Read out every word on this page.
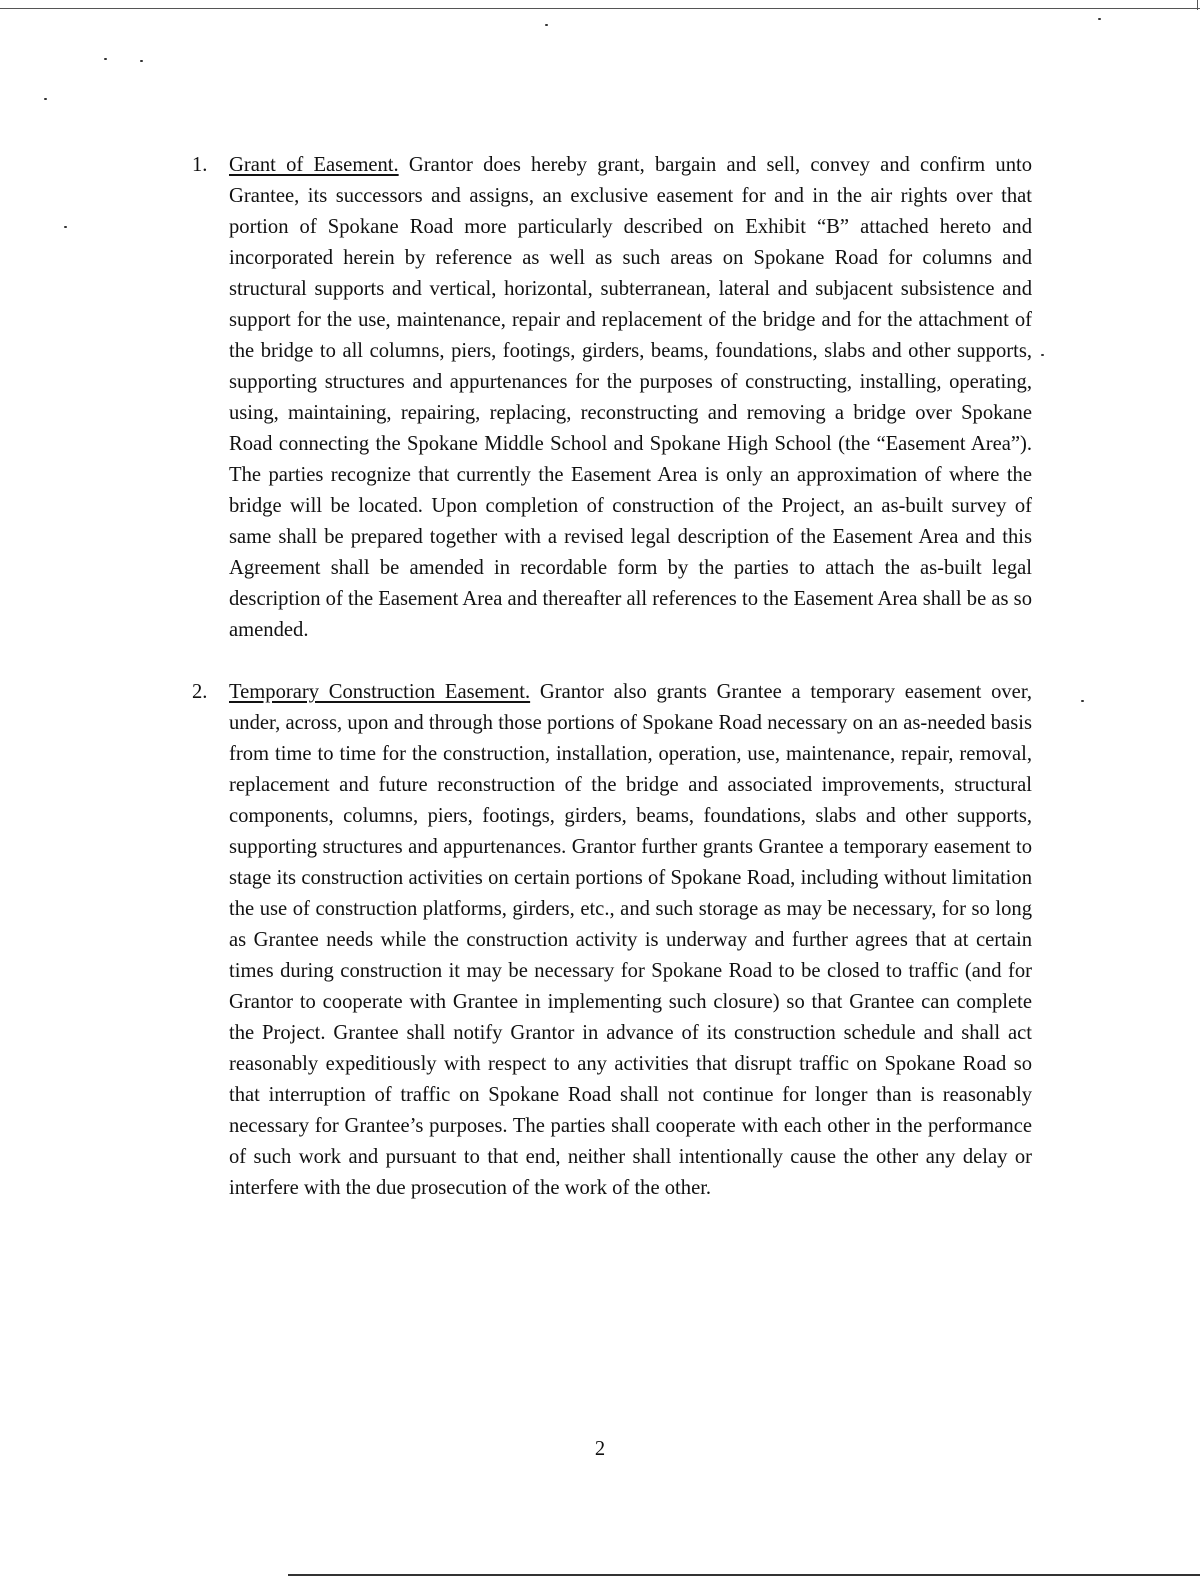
1. Grant of Easement. Grantor does hereby grant, bargain and sell, convey and confirm unto Grantee, its successors and assigns, an exclusive easement for and in the air rights over that portion of Spokane Road more particularly described on Exhibit “B” attached hereto and incorporated herein by reference as well as such areas on Spokane Road for columns and structural supports and vertical, horizontal, subterranean, lateral and subjacent subsistence and support for the use, maintenance, repair and replacement of the bridge and for the attachment of the bridge to all columns, piers, footings, girders, beams, foundations, slabs and other supports, supporting structures and appurtenances for the purposes of constructing, installing, operating, using, maintaining, repairing, replacing, reconstructing and removing a bridge over Spokane Road connecting the Spokane Middle School and Spokane High School (the “Easement Area”). The parties recognize that currently the Easement Area is only an approximation of where the bridge will be located. Upon completion of construction of the Project, an as-built survey of same shall be prepared together with a revised legal description of the Easement Area and this Agreement shall be amended in recordable form by the parties to attach the as-built legal description of the Easement Area and thereafter all references to the Easement Area shall be as so amended.
2. Temporary Construction Easement. Grantor also grants Grantee a temporary easement over, under, across, upon and through those portions of Spokane Road necessary on an as-needed basis from time to time for the construction, installation, operation, use, maintenance, repair, removal, replacement and future reconstruction of the bridge and associated improvements, structural components, columns, piers, footings, girders, beams, foundations, slabs and other supports, supporting structures and appurtenances. Grantor further grants Grantee a temporary easement to stage its construction activities on certain portions of Spokane Road, including without limitation the use of construction platforms, girders, etc., and such storage as may be necessary, for so long as Grantee needs while the construction activity is underway and further agrees that at certain times during construction it may be necessary for Spokane Road to be closed to traffic (and for Grantor to cooperate with Grantee in implementing such closure) so that Grantee can complete the Project. Grantee shall notify Grantor in advance of its construction schedule and shall act reasonably expeditiously with respect to any activities that disrupt traffic on Spokane Road so that interruption of traffic on Spokane Road shall not continue for longer than is reasonably necessary for Grantee’s purposes. The parties shall cooperate with each other in the performance of such work and pursuant to that end, neither shall intentionally cause the other any delay or interfere with the due prosecution of the work of the other.
2
